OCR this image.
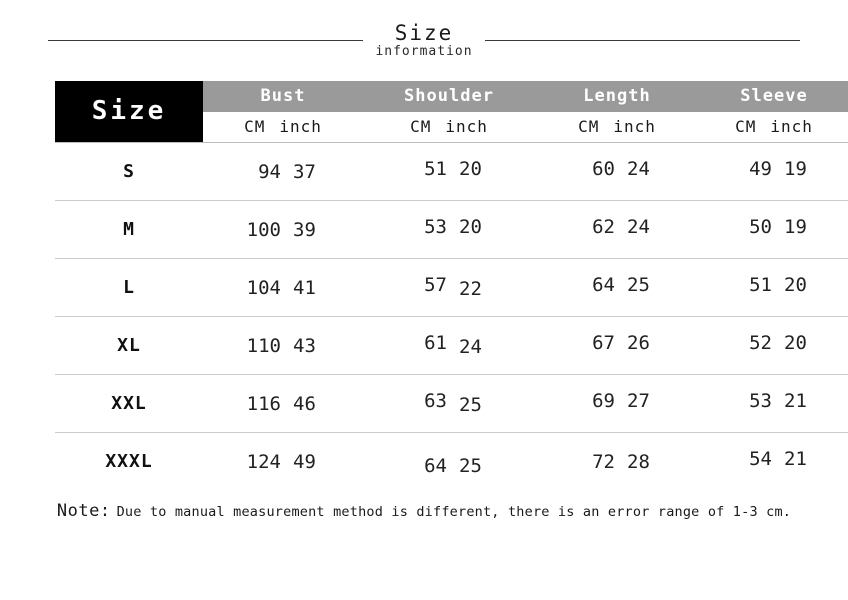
Size
information
Size	Bust	Shoulder	Length	Sleeve

	CM inch	CM inch	CM inch	CM inch

S	94 37	51 20	60 24	49 19

M	100 39	53 20	62 24	50 19

L	104 41	57 22	64 25	51 20

XL	110 43	61 24	67 26	52 20

XXL	116 46	63 25	69 27	53 21

XXXL	124 49	64 25	72 28	54 21
Note: Due to manual measurement method is different, there is an error range of 1-3 cm.
